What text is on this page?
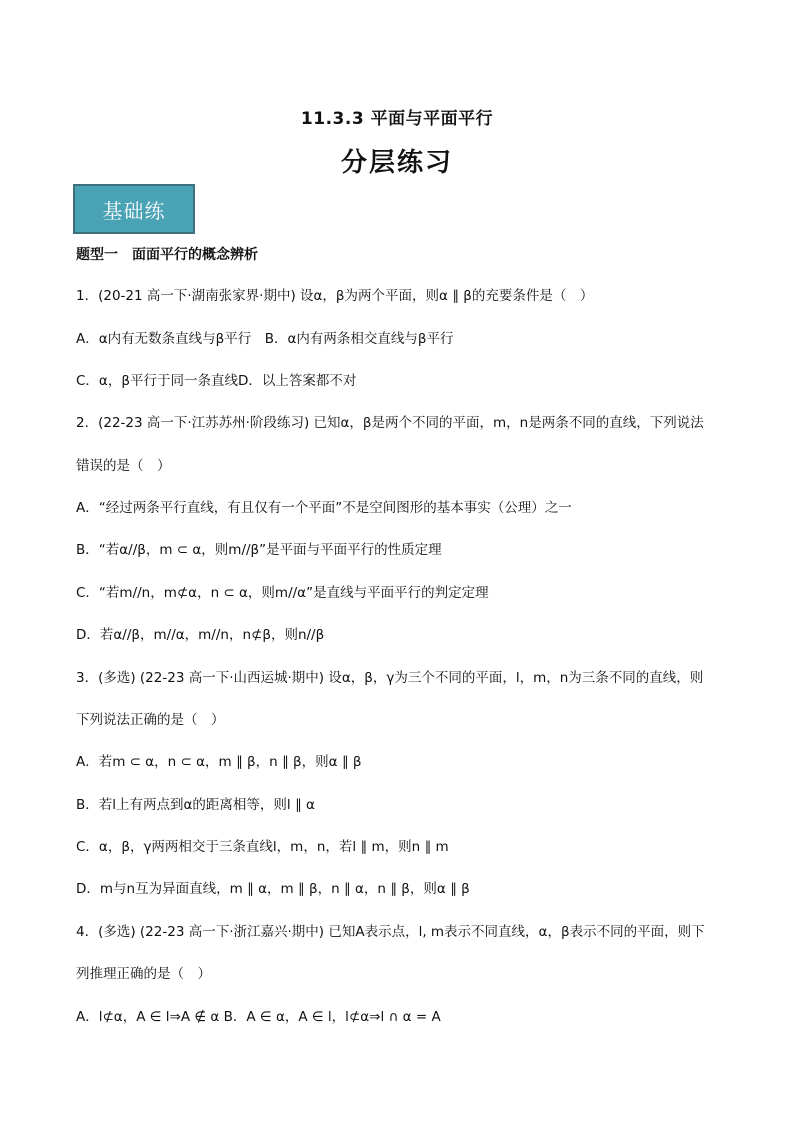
11.3.3 平面与平面平行
分层练习
基础练
题型一　面面平行的概念辨析
1．(20-21 高一下·湖南张家界·期中) 设α，β为两个平面，则α ∥ β的充要条件是（　）
A．α内有无数条直线与β平行　B．α内有两条相交直线与β平行
C．α，β平行于同一条直线D．以上答案都不对
2．(22-23 高一下·江苏苏州·阶段练习) 已知α，β是两个不同的平面，m，n是两条不同的直线，下列说法
错误的是（　）
A．“经过两条平行直线，有且仅有一个平面”不是空间图形的基本事实（公理）之一
B．“若α//β，m ⊂ α，则m//β”是平面与平面平行的性质定理
C．“若m//n，m⊄α，n ⊂ α，则m//α”是直线与平面平行的判定定理
D．若α//β，m//α，m//n，n⊄β，则n//β
3．(多选) (22-23 高一下·山西运城·期中) 设α，β，γ为三个不同的平面，l，m，n为三条不同的直线，则
下列说法正确的是（　）
A．若m ⊂ α，n ⊂ α，m ∥ β，n ∥ β，则α ∥ β
B．若l上有两点到α的距离相等，则l ∥ α
C．α，β，γ两两相交于三条直线l，m，n，若l ∥ m，则n ∥ m
D．m与n互为异面直线，m ∥ α，m ∥ β，n ∥ α，n ∥ β，则α ∥ β
4．(多选) (22-23 高一下·浙江嘉兴·期中) 已知A表示点，l, m表示不同直线，α，β表示不同的平面，则下
列推理正确的是（　）
A．l⊄α，A ∈ l⇒A ∉ α B．A ∈ α，A ∈ l，l⊄α⇒l ∩ α = A
